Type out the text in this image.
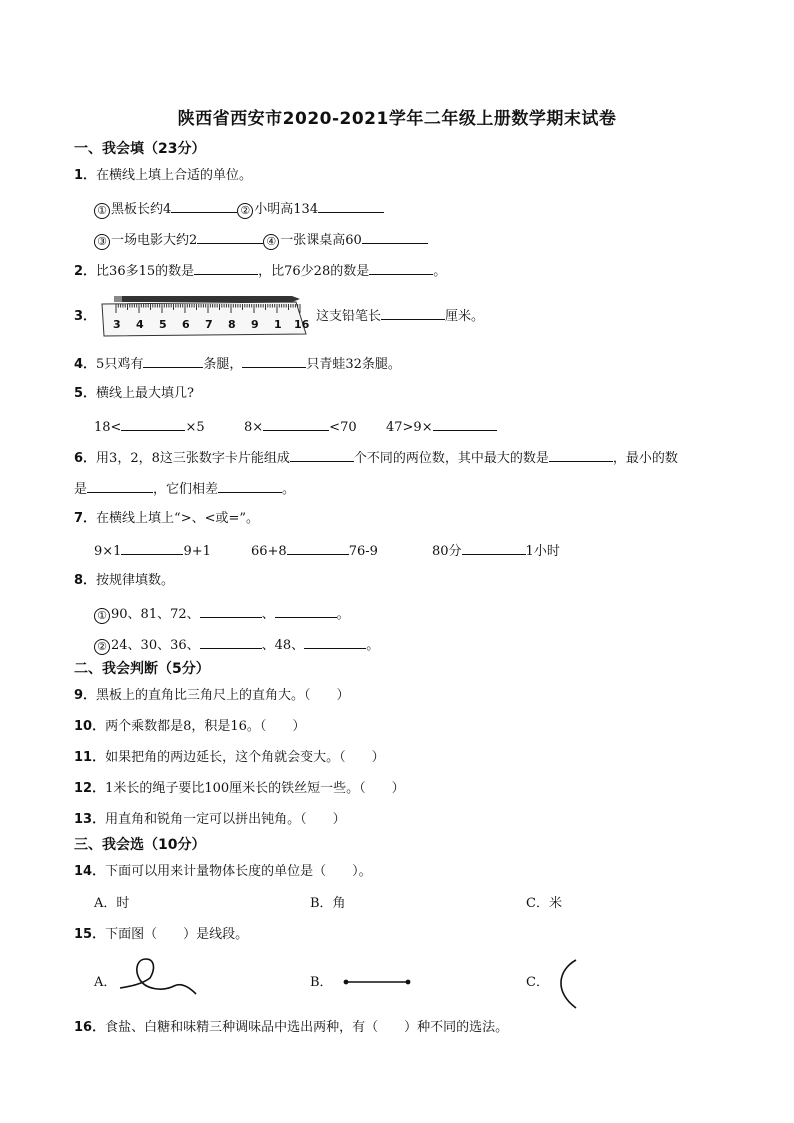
陕西省西安市2020-2021学年二年级上册数学期末试卷
一、我会填（23分）
1．在横线上填上合适的单位。
① 黑板长约4	② 小明高134
③ 一场电影大约2	④ 一张课桌高60
2．比36多15的数是	，比76少28的数是	。
3．
3 4 5 6 7 8 9 1 16
这支铅笔长	厘米。
4．5只鸡有	条腿，	只青蛙32条腿。
5．横线上最大填几?
18<	×5	8×	<70 47>9×
6．用3，2，8这三张数字卡片能组成	个不同的两位数，其中最大的数是	，最小的数
是	，它们相差	。
7．在横线上填上“>、<或=”。
9×1	9+1	66+8	76-9	80分	1小时
8．按规律填数。
① 90、81、72、	、	。
② 24、30、36、	、48、	。
二、我会判断（5分）
9．黑板上的直角比三角尺上的直角大。（　　）
10．两个乘数都是8，积是16。（　　）
11．如果把角的两边延长，这个角就会变大。（　　）
12．1米长的绳子要比100厘米长的铁丝短一些。（　　）
13．用直角和锐角一定可以拼出钝角。（　　）
三、我会选（10分）
14．下面可以用来计量物体长度的单位是（　　）。
A．时	B．角	C．米
15．下面图（　　）是线段。
A．	B．	C．
16．食盐、白糖和味精三种调味品中选出两种，有（　　）种不同的选法。
